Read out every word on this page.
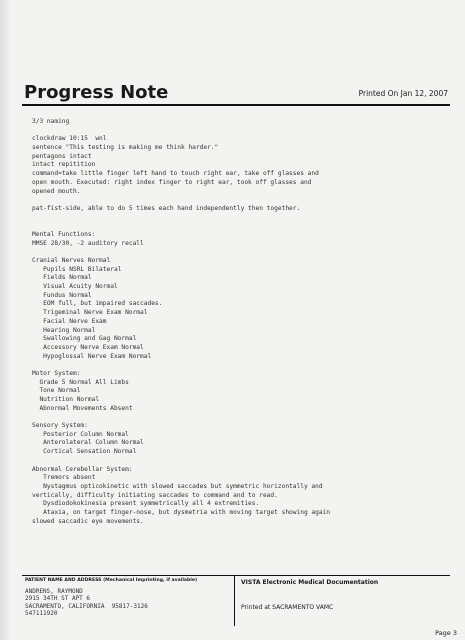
Progress Note	Printed On Jan 12, 2007
3/3 naming
clockdraw 10:15  wnl
sentence "This testing is making me think harder."
pentagons intact
intact repitition
command=take little finger left hand to touch right ear, take off glasses and
open mouth. Executed: right index finger to right ear, took off glasses and
opened mouth.
pat-fist-side, able to do 5 times each hand independently then together.
Mental Functions:
MMSE 28/30, -2 auditory recall
Cranial Nerves Normal
Pupils NSRL Bilateral
Fields Normal
Visual Acuity Normal
Fundus Normal
EOM full, but impaired saccades.
Trigeminal Nerve Exam Normal
Facial Nerve Exam
Hearing Normal
Swallowing and Gag Normal
Accessory Nerve Exam Normal
Hypoglossal Nerve Exam Normal
Motor System:
Grade 5 Normal All Limbs
Tone Normal
Nutrition Normal
Abnormal Movements Absent
Sensory System:
Posterior Column Normal
Anterolateral Column Normal
Cortical Sensation Normal
Abnormal Cerebellar System:
Tremors absent
Nystagmus opticokinetic with slowed saccades but symmetric horizontally and
vertically, difficulty initiating saccades to command and to read.
Dysdiodokokinesia present symmetrically all 4 extremities.
Ataxia, on target finger-nose, but dysmetria with moving target showing again
slowed saccadic eye movements.
PATIENT NAME AND ADDRESS (Mechanical Imprinting, if available)
ANDRENS, RAYMOND
2915 34TH ST APT 6
SACRAMENTO, CALIFORNIA  95817-3126
547111920
VISTA Electronic Medical Documentation
Printed at SACRAMENTO VAMC
Page 3
